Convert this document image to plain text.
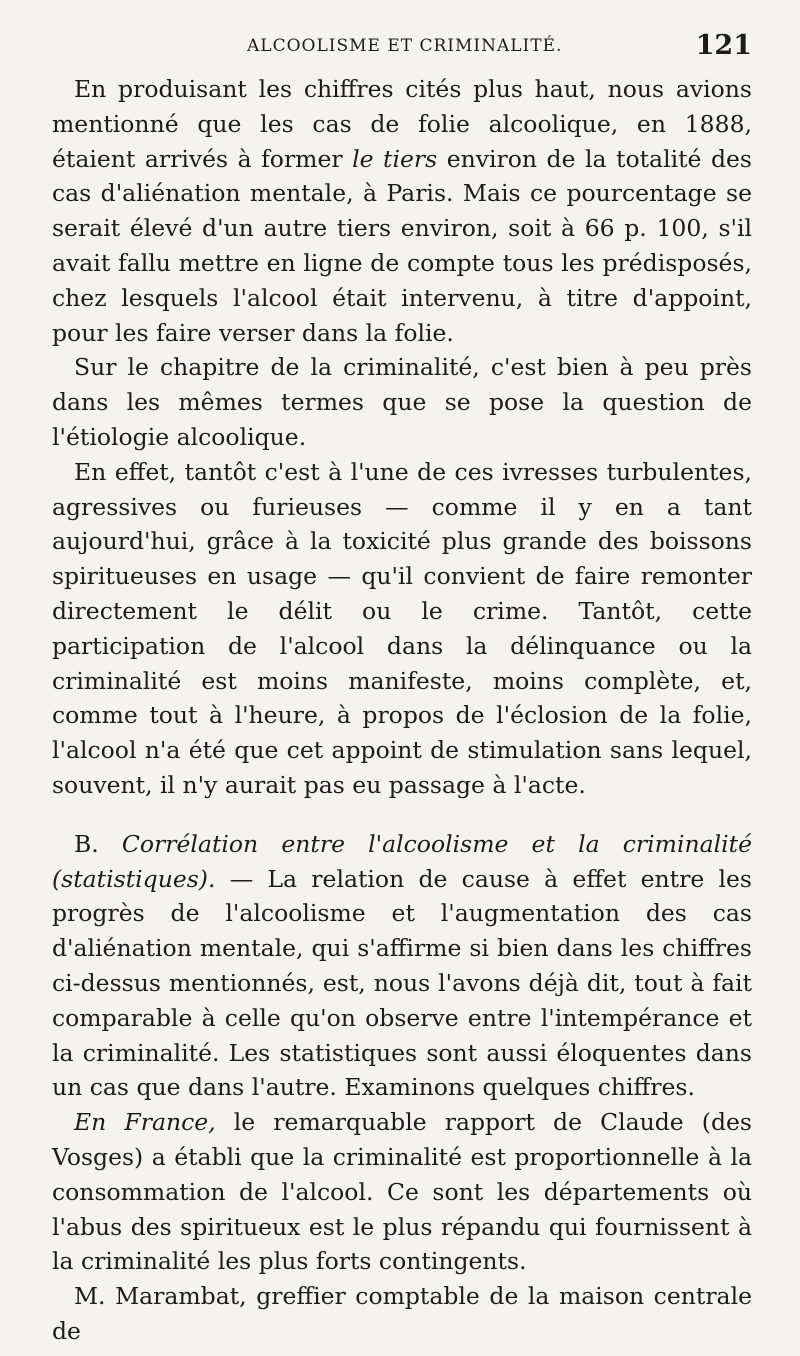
ALCOOLISME ET CRIMINALITÉ.	121

En produisant les chiffres cités plus haut, nous avions mentionné que les cas de folie alcoolique, en 1888, étaient arrivés à former le tiers environ de la totalité des cas d'aliénation mentale, à Paris. Mais ce pourcentage se serait élevé d'un autre tiers environ, soit à 66 p. 100, s'il avait fallu mettre en ligne de compte tous les prédisposés, chez lesquels l'alcool était intervenu, à titre d'appoint, pour les faire verser dans la folie.

Sur le chapitre de la criminalité, c'est bien à peu près dans les mêmes termes que se pose la question de l'étiologie alcoolique.

En effet, tantôt c'est à l'une de ces ivresses turbulentes, agressives ou furieuses — comme il y en a tant aujourd'hui, grâce à la toxicité plus grande des boissons spiritueuses en usage — qu'il convient de faire remonter directement le délit ou le crime. Tantôt, cette participation de l'alcool dans la délinquance ou la criminalité est moins manifeste, moins complète, et, comme tout à l'heure, à propos de l'éclosion de la folie, l'alcool n'a été que cet appoint de stimulation sans lequel, souvent, il n'y aurait pas eu passage à l'acte.

B. Corrélation entre l'alcoolisme et la criminalité (statistiques). — La relation de cause à effet entre les progrès de l'alcoolisme et l'augmentation des cas d'aliénation mentale, qui s'affirme si bien dans les chiffres ci-dessus mentionnés, est, nous l'avons déjà dit, tout à fait comparable à celle qu'on observe entre l'intempérance et la criminalité. Les statistiques sont aussi éloquentes dans un cas que dans l'autre. Examinons quelques chiffres.

En France, le remarquable rapport de Claude (des Vosges) a établi que la criminalité est proportionnelle à la consommation de l'alcool. Ce sont les départements où l'abus des spiritueux est le plus répandu qui fournissent à la criminalité les plus forts contingents.

M. Marambat, greffier comptable de la maison centrale de
